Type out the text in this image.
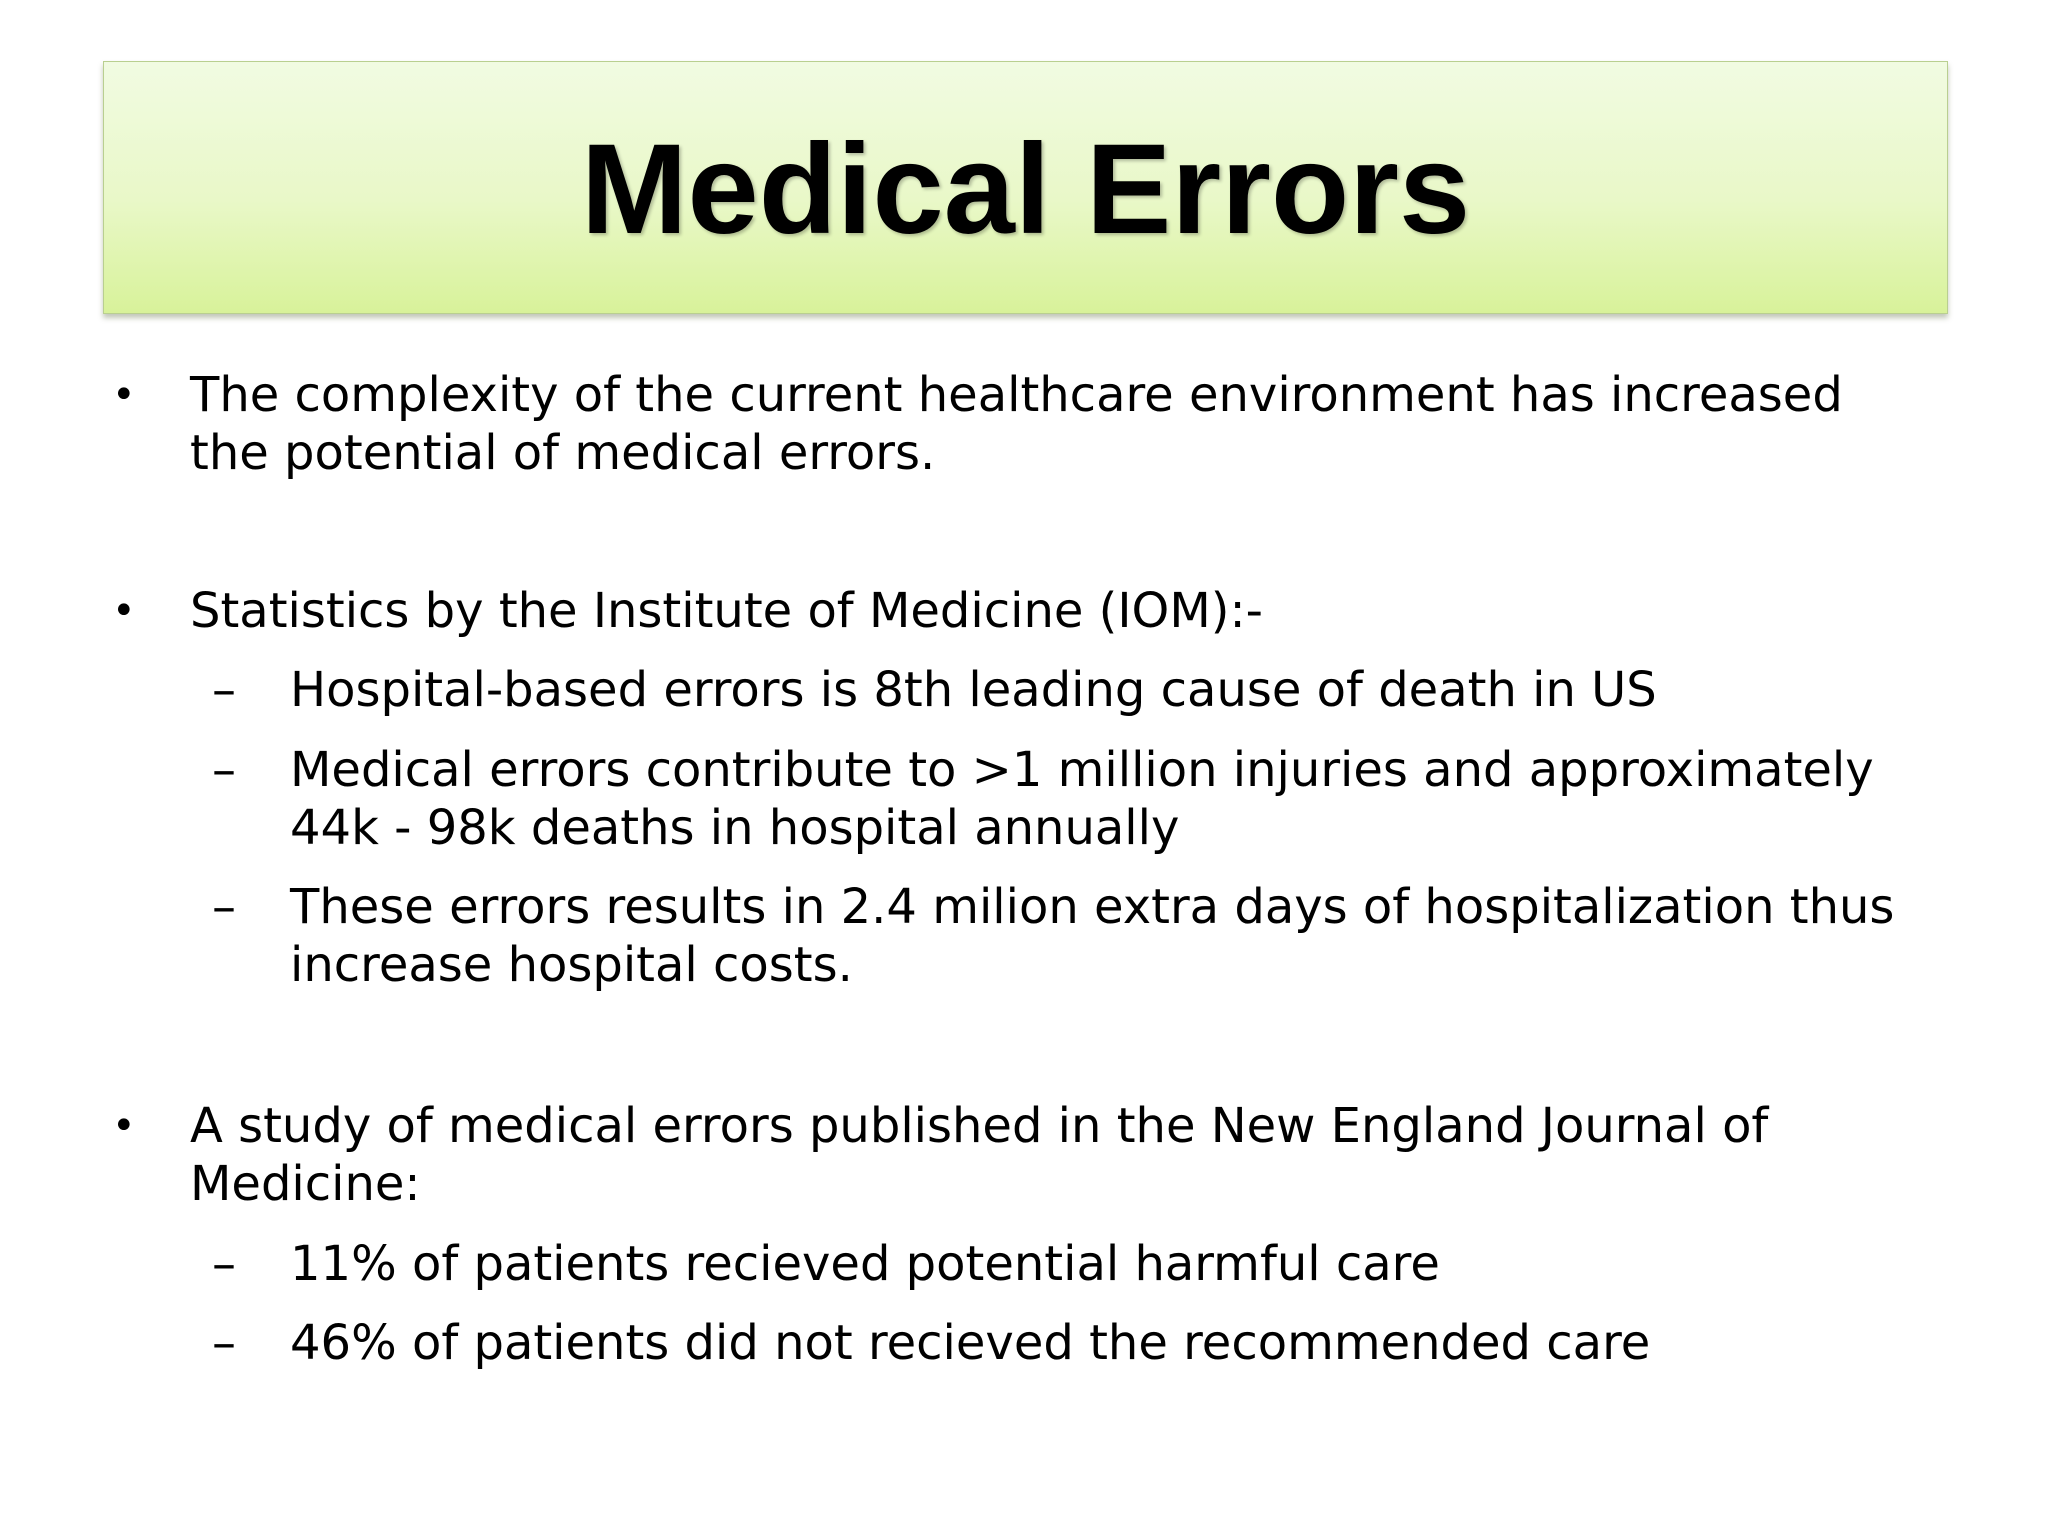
Medical Errors
• The complexity of the current healthcare environment has increased
the potential of medical errors.
• Statistics by the Institute of Medicine (IOM):-
– Hospital-based errors is 8th leading cause of death in US
– Medical errors contribute to >1 million injuries and approximately
44k - 98k deaths in hospital annually
– These errors results in 2.4 milion extra days of hospitalization thus
increase hospital costs.
• A study of medical errors published in the New England Journal of
Medicine:
– 11% of patients recieved potential harmful care
– 46% of patients did not recieved the recommended care
